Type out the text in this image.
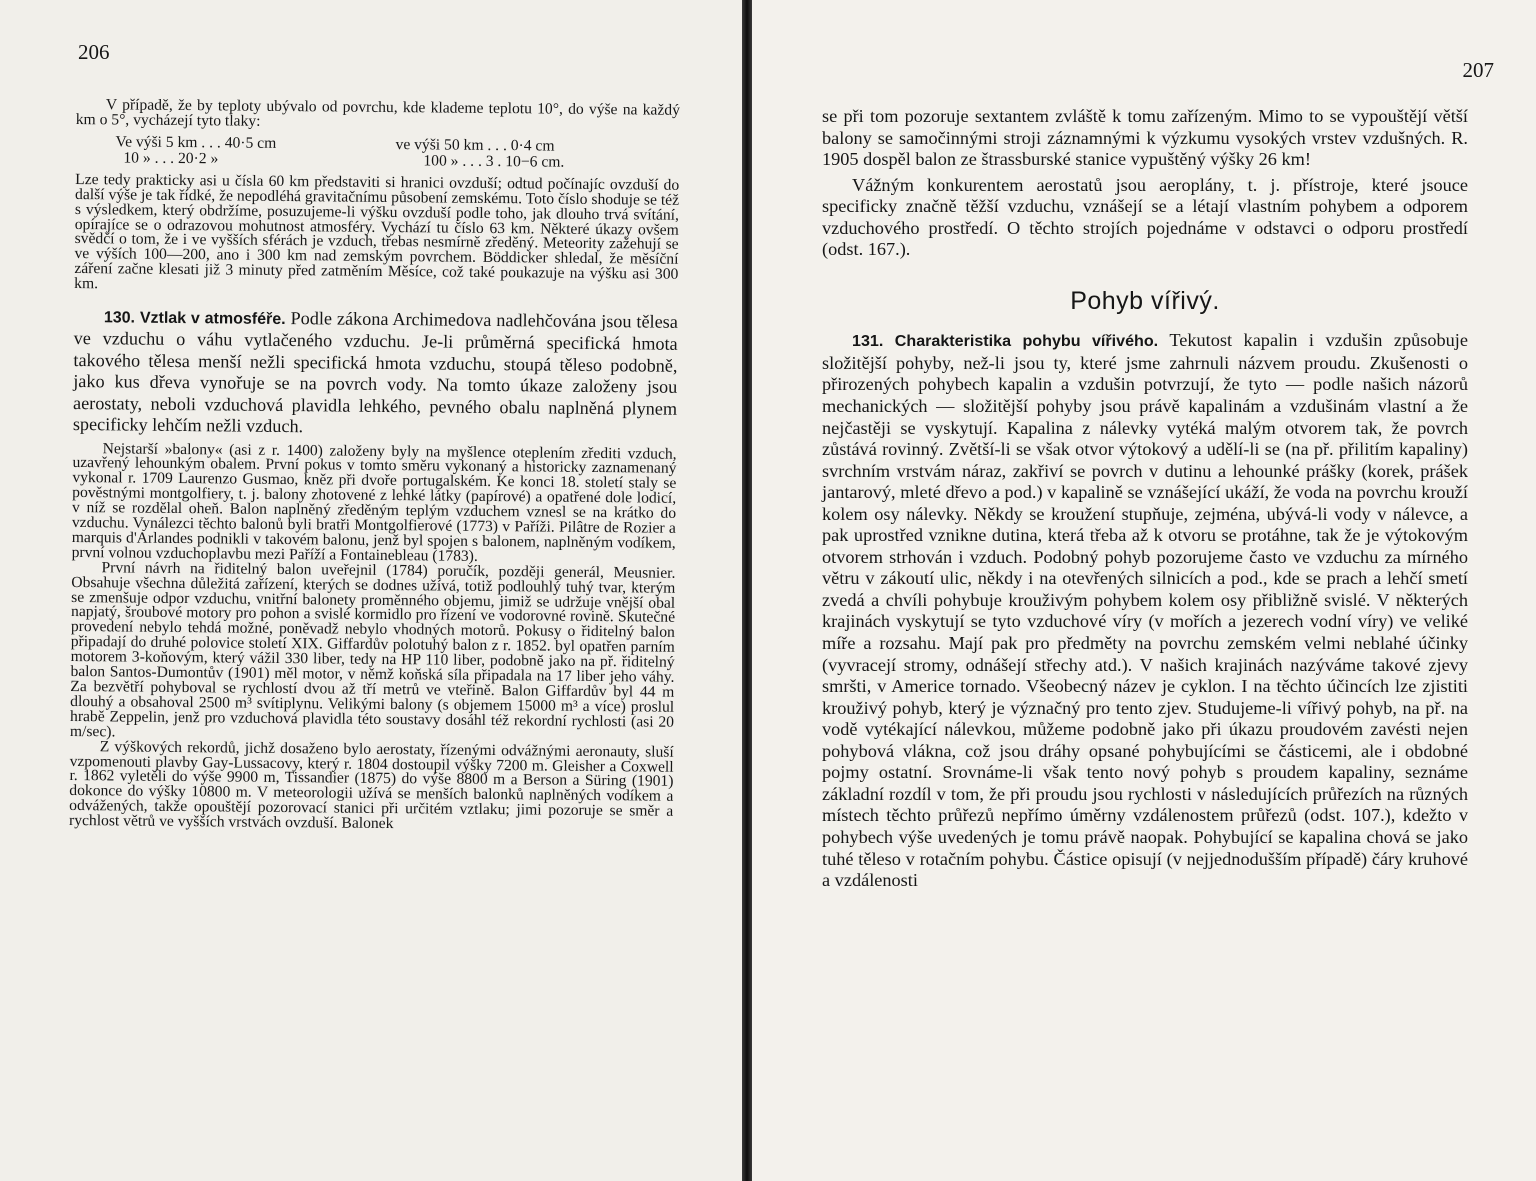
206

V případě, že by teploty ubývalo od povrchu, kde klademe teplotu 10°, do výše na každý km o 5°, vycházejí tyto tlaky:

Ve výši 5 km . . . 40·5 cm	ve výši 50 km . . . 0·4 cm
10 » . . . 20·2 »	100 » . . . 3 . 10−6 cm.

Lze tedy prakticky asi u čísla 60 km představiti si hranici ovzduší; odtud počínajíc ovzduší do další výše je tak řídké, že nepodléhá gravitačnímu působení zemskému. Toto číslo shoduje se též s výsledkem, který obdržíme, posuzujeme-li výšku ovzduší podle toho, jak dlouho trvá svítání, opírajíce se o odrazovou mohutnost atmosféry. Vychází tu číslo 63 km. Některé úkazy ovšem svědčí o tom, že i ve vyšších sférách je vzduch, třebas nesmírně zředěný. Meteority zažehují se ve výších 100—200, ano i 300 km nad zemským povrchem. Böddicker shledal, že měsíční záření začne klesati již 3 minuty před zatměním Měsíce, což také poukazuje na výšku asi 300 km.

130. Vztlak v atmosféře. Podle zákona Archimedova nadlehčována jsou tělesa ve vzduchu o váhu vytlačeného vzduchu. Je-li průměrná specifická hmota takového tělesa menší nežli specifická hmota vzduchu, stoupá těleso podobně, jako kus dřeva vynořuje se na povrch vody. Na tomto úkaze založeny jsou aerostaty, neboli vzduchová plavidla lehkého, pevného obalu naplněná plynem specificky lehčím nežli vzduch.

Nejstarší »balony« (asi z r. 1400) založeny byly na myšlence oteplením zřediti vzduch, uzavřený lehounkým obalem. První pokus v tomto směru vykonaný a historicky zaznamenaný vykonal r. 1709 Laurenzo Gusmao, kněz při dvoře portugalském. Ke konci 18. století staly se pověstnými montgolfiery, t. j. balony zhotovené z lehké látky (papírové) a opatřené dole lodicí, v níž se rozdělal oheň. Balon naplněný zředěným teplým vzduchem vznesl se na krátko do vzduchu. Vynálezci těchto balonů byli bratři Montgolfierové (1773) v Paříži. Pilâtre de Rozier a marquis d'Arlandes podnikli v takovém balonu, jenž byl spojen s balonem, naplněným vodíkem, první volnou vzduchoplavbu mezi Paříží a Fontainebleau (1783).

První návrh na řiditelný balon uveřejnil (1784) poručík, později generál, Meusnier. Obsahuje všechna důležitá zařízení, kterých se dodnes užívá, totiž podlouhlý tuhý tvar, kterým se zmenšuje odpor vzduchu, vnitřní balonety proměnného objemu, jimiž se udržuje vnější obal napjatý, šroubové motory pro pohon a svislé kormidlo pro řízení ve vodorovné rovině. Skutečné provedení nebylo tehdá možné, poněvadž nebylo vhodných motorů. Pokusy o řiditelný balon připadají do druhé polovice století XIX. Giffardův polotuhý balon z r. 1852. byl opatřen parním motorem 3-koňovým, který vážil 330 liber, tedy na HP 110 liber, podobně jako na př. řiditelný balon Santos-Dumontův (1901) měl motor, v němž koňská síla připadala na 17 liber jeho váhy. Za bezvětří pohyboval se rychlostí dvou až tří metrů ve vteřině. Balon Giffardův byl 44 m dlouhý a obsahoval 2500 m³ svítiplynu. Velikými balony (s objemem 15000 m³ a více) proslul hrabě Zeppelin, jenž pro vzduchová plavidla této soustavy dosáhl též rekordní rychlosti (asi 20 m/sec).

Z výškových rekordů, jichž dosaženo bylo aerostaty, řízenými odvážnými aeronauty, sluší vzpomenouti plavby Gay-Lussacovy, který r. 1804 dostoupil výšky 7200 m. Gleisher a Coxwell r. 1862 vyletěli do výše 9900 m, Tissandier (1875) do výše 8800 m a Berson a Süring (1901) dokonce do výšky 10800 m. V meteorologii užívá se menších balonků naplněných vodíkem a odvážených, takže opouštějí pozorovací stanici při určitém vztlaku; jimi pozoruje se směr a rychlost větrů ve vyšších vrstvách ovzduší. Balonek

207

se při tom pozoruje sextantem zvláště k tomu zařízeným. Mimo to se vypouštějí větší balony se samočinnými stroji záznamnými k výzkumu vysokých vrstev vzdušných. R. 1905 dospěl balon ze štrassburské stanice vypuštěný výšky 26 km!

Vážným konkurentem aerostatů jsou aeroplány, t. j. přístroje, které jsouce specificky značně těžší vzduchu, vznášejí se a létají vlastním pohybem a odporem vzduchového prostředí. O těchto strojích pojednáme v odstavci o odporu prostředí (odst. 167.).

Pohyb vířivý.

131. Charakteristika pohybu vířivého. Tekutost kapalin i vzdušin způsobuje složitější pohyby, než-li jsou ty, které jsme zahrnuli názvem proudu. Zkušenosti o přirozených pohybech kapalin a vzdušin potvrzují, že tyto — podle našich názorů mechanických — složitější pohyby jsou právě kapalinám a vzdušinám vlastní a že nejčastěji se vyskytují. Kapalina z nálevky vytéká malým otvorem tak, že povrch zůstává rovinný. Zvětší-li se však otvor výtokový a udělí-li se (na př. přilitím kapaliny) svrchním vrstvám náraz, zakřiví se povrch v dutinu a lehounké prášky (korek, prášek jantarový, mleté dřevo a pod.) v kapalině se vznášející ukáží, že voda na povrchu krouží kolem osy nálevky. Někdy se kroužení stupňuje, zejména, ubývá-li vody v nálevce, a pak uprostřed vznikne dutina, která třeba až k otvoru se protáhne, tak že je výtokovým otvorem strhován i vzduch. Podobný pohyb pozorujeme často ve vzduchu za mírného větru v zákoutí ulic, někdy i na otevřených silnicích a pod., kde se prach a lehčí smetí zvedá a chvíli pohybuje krouživým pohybem kolem osy přibližně svislé. V některých krajinách vyskytují se tyto vzduchové víry (v mořích a jezerech vodní víry) ve veliké míře a rozsahu. Mají pak pro předměty na povrchu zemském velmi neblahé účinky (vyvracejí stromy, odnášejí střechy atd.). V našich krajinách nazýváme takové zjevy smršti, v Americe tornado. Všeobecný název je cyklon. I na těchto účincích lze zjistiti krouživý pohyb, který je význačný pro tento zjev. Studujeme-li vířivý pohyb, na př. na vodě vytékající nálevkou, můžeme podobně jako při úkazu proudovém zavésti nejen pohybová vlákna, což jsou dráhy opsané pohybujícími se částicemi, ale i obdobné pojmy ostatní. Srovnáme-li však tento nový pohyb s proudem kapaliny, seznáme základní rozdíl v tom, že při proudu jsou rychlosti v následujících průřezích na různých místech těchto průřezů nepřímo úměrny vzdálenostem průřezů (odst. 107.), kdežto v pohybech výše uvedených je tomu právě naopak. Pohybující se kapalina chová se jako tuhé těleso v rotačním pohybu. Částice opisují (v nejjednodušším případě) čáry kruhové a vzdálenosti
